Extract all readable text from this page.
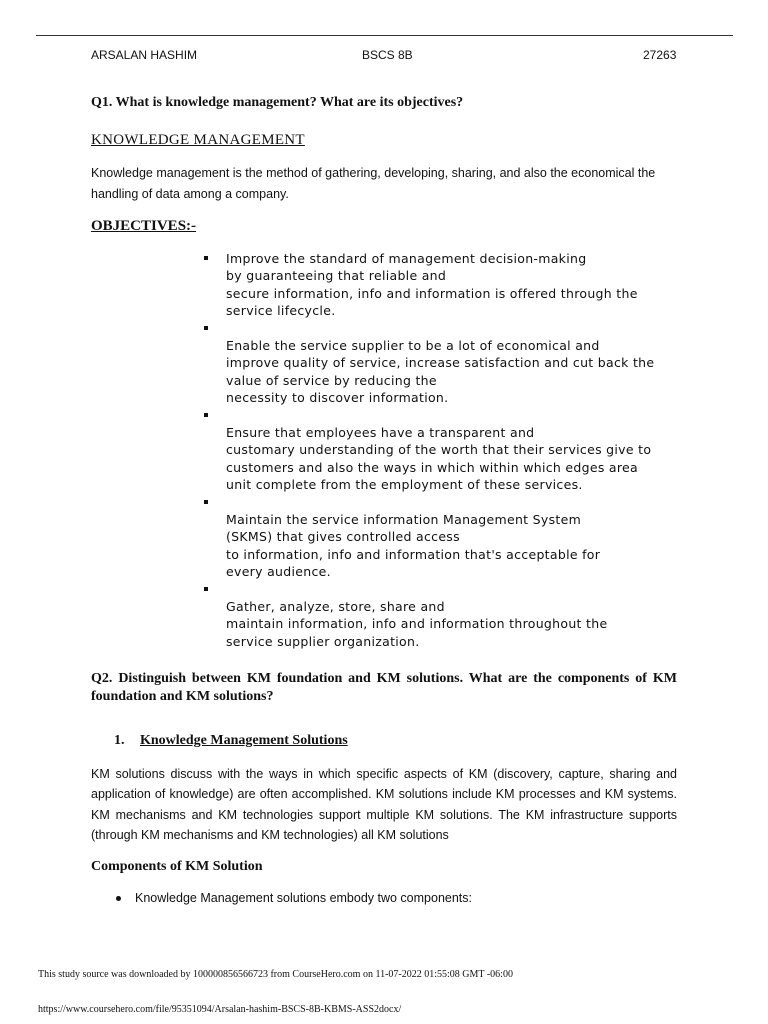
ARSALAN HASHIM	BSCS 8B	27263
Q1. What is knowledge management? What are its objectives?
KNOWLEDGE MANAGEMENT
Knowledge management is the method of gathering, developing, sharing, and also the economical the handling of data among a company.
OBJECTIVES:-
Improve the standard of management decision-making
by guaranteeing that reliable and
secure information, info and information is offered through the
service lifecycle.
Enable the service supplier to be a lot of economical and
improve quality of service, increase satisfaction and cut back the
value of service by reducing the
necessity to discover information.
Ensure that employees have a transparent and
customary understanding of the worth that their services give to
customers and also the ways in which within which edges area
unit complete from the employment of these services.
Maintain the service information Management System
(SKMS) that gives controlled access
to information, info and information that's acceptable for
every audience.
Gather, analyze, store, share and
maintain information, info and information throughout the
service supplier organization.
Q2. Distinguish between KM foundation and KM solutions. What are the components of KM foundation and KM solutions?
1. Knowledge Management Solutions
KM solutions discuss with the ways in which specific aspects of KM (discovery, capture, sharing and application of knowledge) are often accomplished. KM solutions include KM processes and KM systems. KM mechanisms and KM technologies support multiple KM solutions. The KM infrastructure supports (through KM mechanisms and KM technologies) all KM solutions
Components of KM Solution
Knowledge Management solutions embody two components:
This study source was downloaded by 100000856566723 from CourseHero.com on 11-07-2022 01:55:08 GMT -06:00
https://www.coursehero.com/file/95351094/Arsalan-hashim-BSCS-8B-KBMS-ASS2docx/
